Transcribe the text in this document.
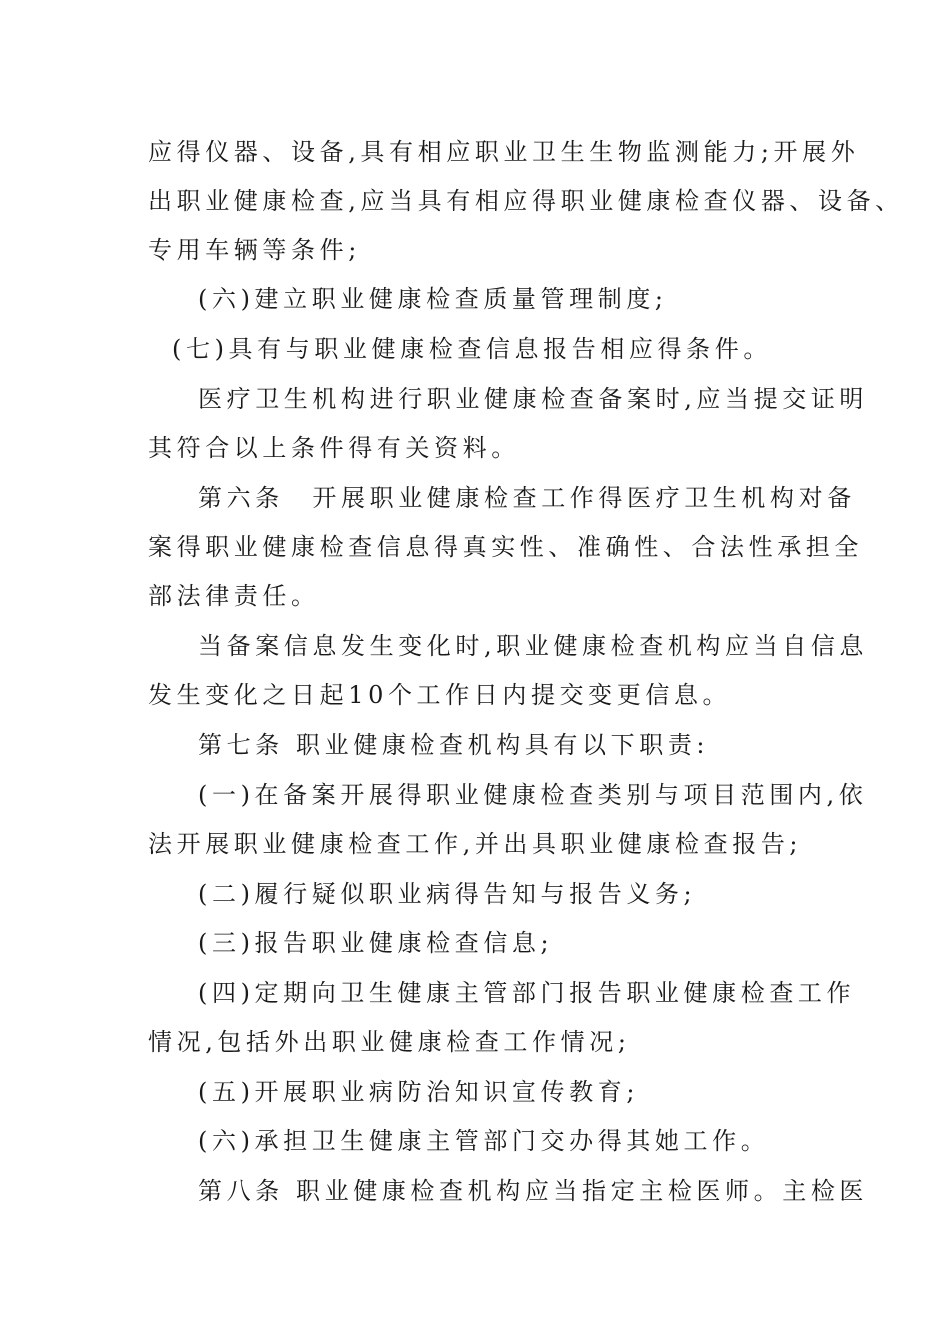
应得仪器、设备,具有相应职业卫生生物监测能力;开展外
出职业健康检查,应当具有相应得职业健康检查仪器、设备、
专用车辆等条件;
(六)建立职业健康检查质量管理制度;
(七)具有与职业健康检查信息报告相应得条件。
医疗卫生机构进行职业健康检查备案时,应当提交证明
其符合以上条件得有关资料。
第六条　开展职业健康检查工作得医疗卫生机构对备
案得职业健康检查信息得真实性、准确性、合法性承担全
部法律责任。
当备案信息发生变化时,职业健康检查机构应当自信息
发生变化之日起10个工作日内提交变更信息。
第七条 职业健康检查机构具有以下职责:
(一)在备案开展得职业健康检查类别与项目范围内,依
法开展职业健康检查工作,并出具职业健康检查报告;
(二)履行疑似职业病得告知与报告义务;
(三)报告职业健康检查信息;
(四)定期向卫生健康主管部门报告职业健康检查工作
情况,包括外出职业健康检查工作情况;
(五)开展职业病防治知识宣传教育;
(六)承担卫生健康主管部门交办得其她工作。
第八条 职业健康检查机构应当指定主检医师。主检医
